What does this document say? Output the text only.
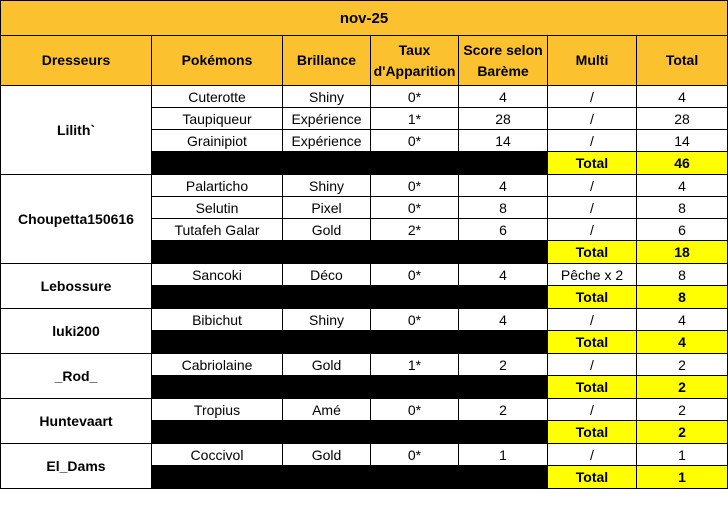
nov-25						
Dresseurs	Pokémons	Brillance	Taux d'Apparition	Score selon Barème	Multi	Total
Lilith`	Cuterotte	Shiny	0*	4	/	4
	Taupiqueur	Expérience	1*	28	/	28
	Grainipiot	Expérience	0*	14	/	14
					Total	46
Choupetta150616	Palarticho	Shiny	0*	4	/	4
	Selutin	Pixel	0*	8	/	8
	Tutafeh Galar	Gold	2*	6	/	6
					Total	18
Lebossure	Sancoki	Déco	0*	4	Pêche x 2	8
					Total	8
luki200	Bibichut	Shiny	0*	4	/	4
					Total	4
_Rod_	Cabriolaine	Gold	1*	2	/	2
					Total	2
Huntevaart	Tropius	Amé	0*	2	/	2
					Total	2
El_Dams	Coccivol	Gold	0*	1	/	1
					Total	1
